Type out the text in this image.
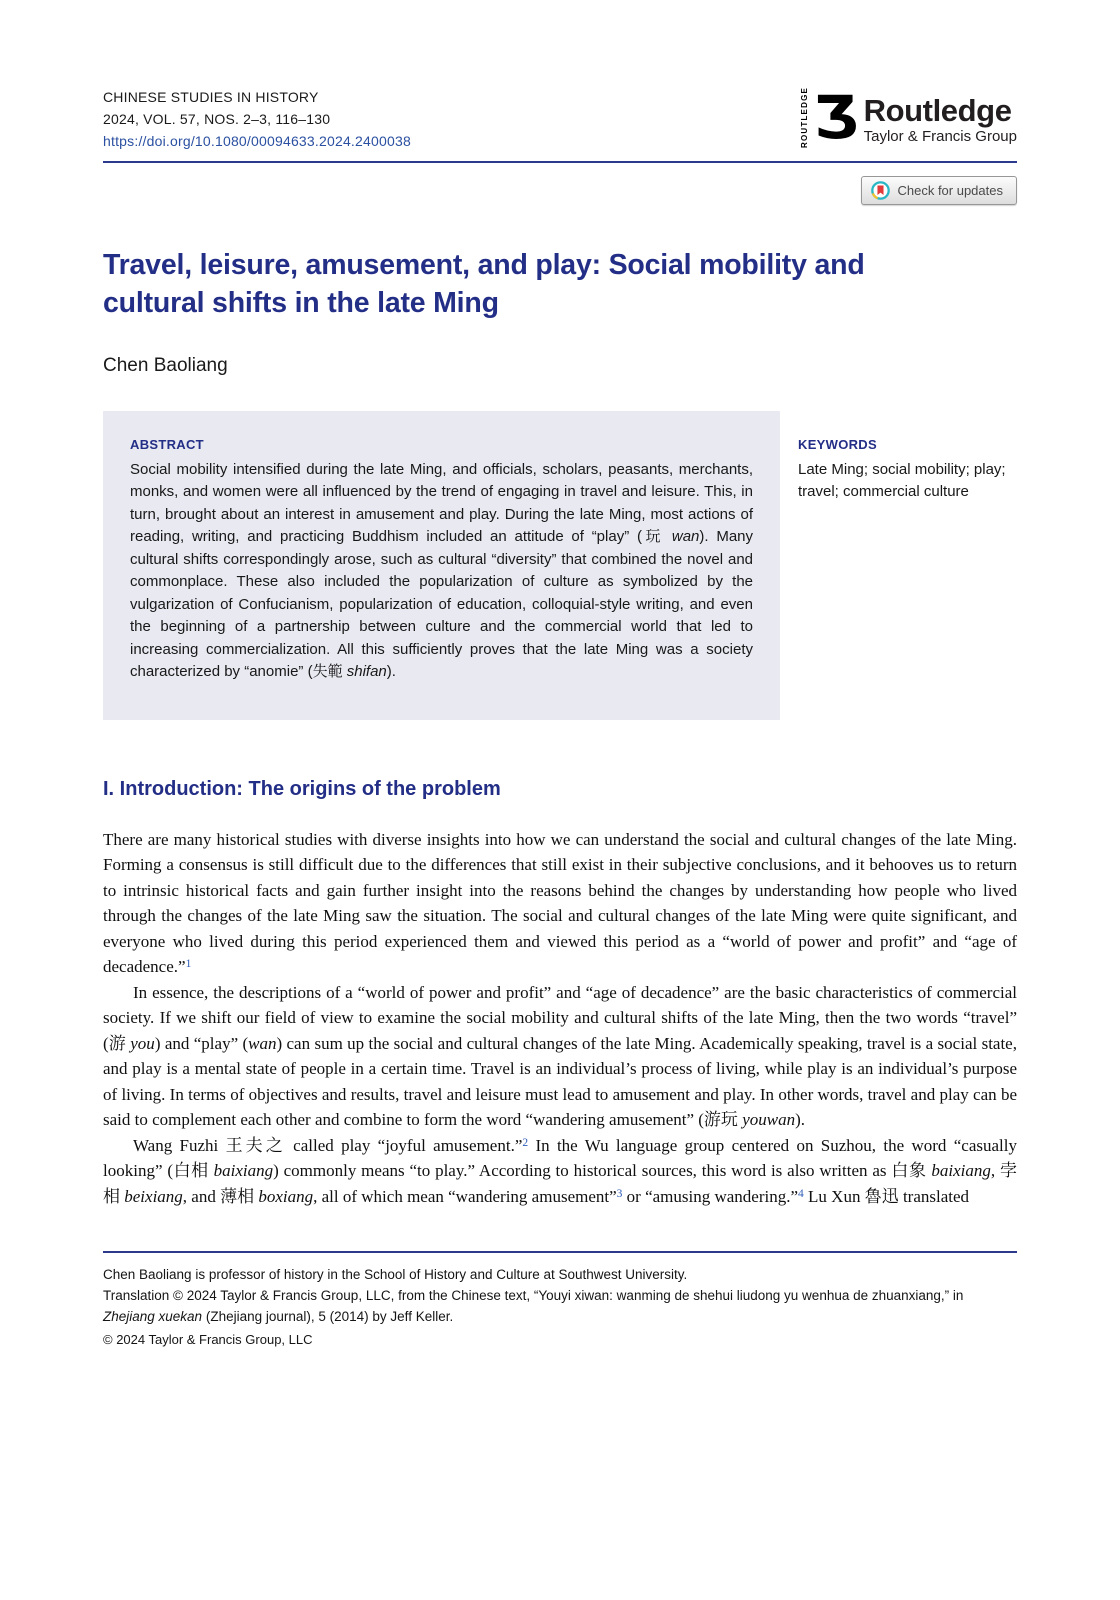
CHINESE STUDIES IN HISTORY
2024, VOL. 57, NOS. 2–3, 116–130
https://doi.org/10.1080/00094633.2024.2400038	ROUTLEDGE Ʒ Routledge
Taylor & Francis Group
Check for updates
Travel, leisure, amusement, and play: Social mobility and cultural shifts in the late Ming
Chen Baoliang
ABSTRACT
Social mobility intensified during the late Ming, and officials, scholars, peasants, merchants, monks, and women were all influenced by the trend of engaging in travel and leisure. This, in turn, brought about an interest in amusement and play. During the late Ming, most actions of reading, writing, and practicing Buddhism included an attitude of “play” (玩 wan). Many cultural shifts correspondingly arose, such as cultural “diversity” that combined the novel and commonplace. These also included the popularization of culture as symbolized by the vulgarization of Confucianism, popularization of education, colloquial-style writing, and even the beginning of a partnership between culture and the commercial world that led to increasing commercialization. All this sufficiently proves that the late Ming was a society characterized by “anomie” (失範 shifan).
KEYWORDS
Late Ming; social mobility; play; travel; commercial culture
I. Introduction: The origins of the problem

There are many historical studies with diverse insights into how we can understand the social and cultural changes of the late Ming. Forming a consensus is still difficult due to the differences that still exist in their subjective conclusions, and it behooves us to return to intrinsic historical facts and gain further insight into the reasons behind the changes by understanding how people who lived through the changes of the late Ming saw the situation. The social and cultural changes of the late Ming were quite significant, and everyone who lived during this period experienced them and viewed this period as a “world of power and profit” and “age of decadence.”$^1$

In essence, the descriptions of a “world of power and profit” and “age of decadence” are the basic characteristics of commercial society. If we shift our field of view to examine the social mobility and cultural shifts of the late Ming, then the two words “travel” (游 you) and “play” (wan) can sum up the social and cultural changes of the late Ming. Academically speaking, travel is a social state, and play is a mental state of people in a certain time. Travel is an individual’s process of living, while play is an individual’s purpose of living. In terms of objectives and results, travel and leisure must lead to amusement and play. In other words, travel and play can be said to complement each other and combine to form the word “wandering amusement” (游玩 youwan).

Wang Fuzhi 王夫之 called play “joyful amusement.”$^2$ In the Wu language group centered on Suzhou, the word “casually looking” (白相 baixiang) commonly means “to play.” According to historical sources, this word is also written as 白象 baixiang, 孛相 beixiang, and 薄相 boxiang, all of which mean “wandering amusement”$^3$ or “amusing wandering.”$^4$ Lu Xun 魯迅 translated

Chen Baoliang is professor of history in the School of History and Culture at Southwest University.

Translation © 2024 Taylor & Francis Group, LLC, from the Chinese text, “Youyi xiwan: wanming de shehui liudong yu wenhua de zhuanxiang,” in Zhejiang xuekan (Zhejiang journal), 5 (2014) by Jeff Keller.

© 2024 Taylor & Francis Group, LLC
